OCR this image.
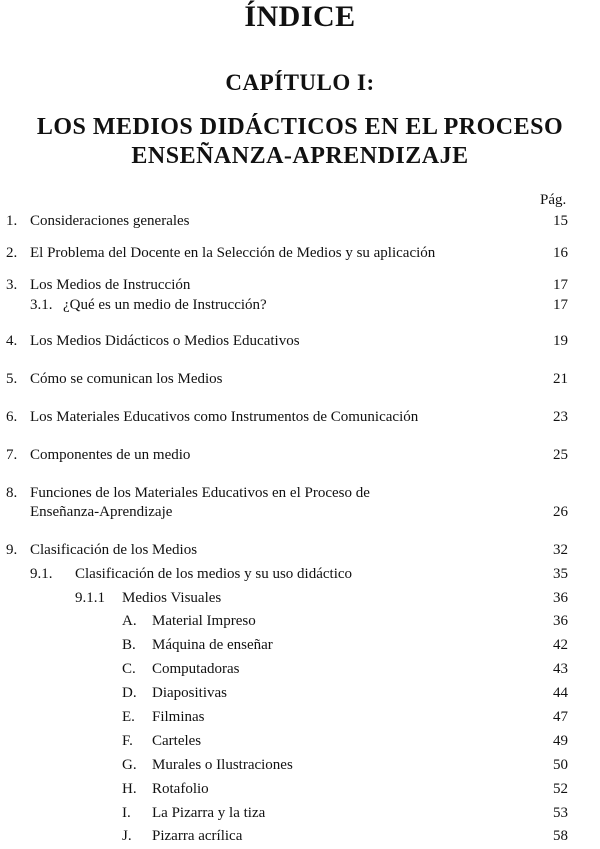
ÍNDICE
CAPÍTULO I:
LOS MEDIOS DIDÁCTICOS EN EL PROCESO
ENSEÑANZA-APRENDIZAJE
Pág.
1. Consideraciones generales	15
2. El Problema del Docente en la Selección de Medios y su aplicación	16
3. Los Medios de Instrucción	17
3.1. ¿Qué es un medio de Instrucción?	17
4. Los Medios Didácticos o Medios Educativos	19
5. Cómo se comunican los Medios	21
6. Los Materiales Educativos como Instrumentos de Comunicación	23
7. Componentes de un medio	25
8. Funciones de los Materiales Educativos en el Proceso de
Enseñanza-Aprendizaje	26
9. Clasificación de los Medios	32
9.1. Clasificación de los medios y su uso didáctico	35
9.1.1 Medios Visuales	36
A. Material Impreso	36
B. Máquina de enseñar	42
C. Computadoras	43
D. Diapositivas	44
E. Filminas	47
F. Carteles	49
G. Murales o Ilustraciones	50
H. Rotafolio	52
I. La Pizarra y la tiza	53
J. Pizarra acrílica	58
